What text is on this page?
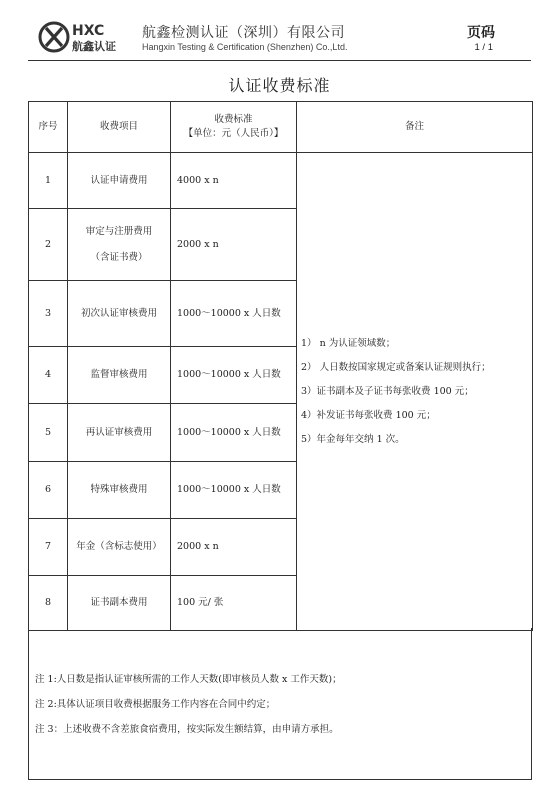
HXC
航鑫认证
航鑫检测认证（深圳）有限公司
Hangxin Testing & Certification (Shenzhen) Co.,Ltd.
页码
1 / 1
认证收费标准
序号	收费项目	收费标准
【单位：元（人民币）】	备注
1	认证申请费用	4000 x n	1） n 为认证领域数；
2） 人日数按国家规定或备案认证规则执行；
3）证书副本及子证书每张收费 100 元；
4）补发证书每张收费 100 元；
5）年金每年交纳 1 次。

2	审定与注册费用
（含证书费）	2000 x n	
3	初次认证审核费用	1000～10000 x 人日数	
4	监督审核费用	1000～10000 x 人日数	
5	再认证审核费用	1000～10000 x 人日数	
6	特殊审核费用	1000～10000 x 人日数	
7	年金（含标志使用）	2000 x n	
8	证书副本费用	100 元/ 张	
注 1:人日数是指认证审核所需的工作人天数(即审核员人数 x 工作天数)；
注 2:具体认证项目收费根据服务工作内容在合同中约定；
注 3：上述收费不含差旅食宿费用，按实际发生额结算，由申请方承担。
